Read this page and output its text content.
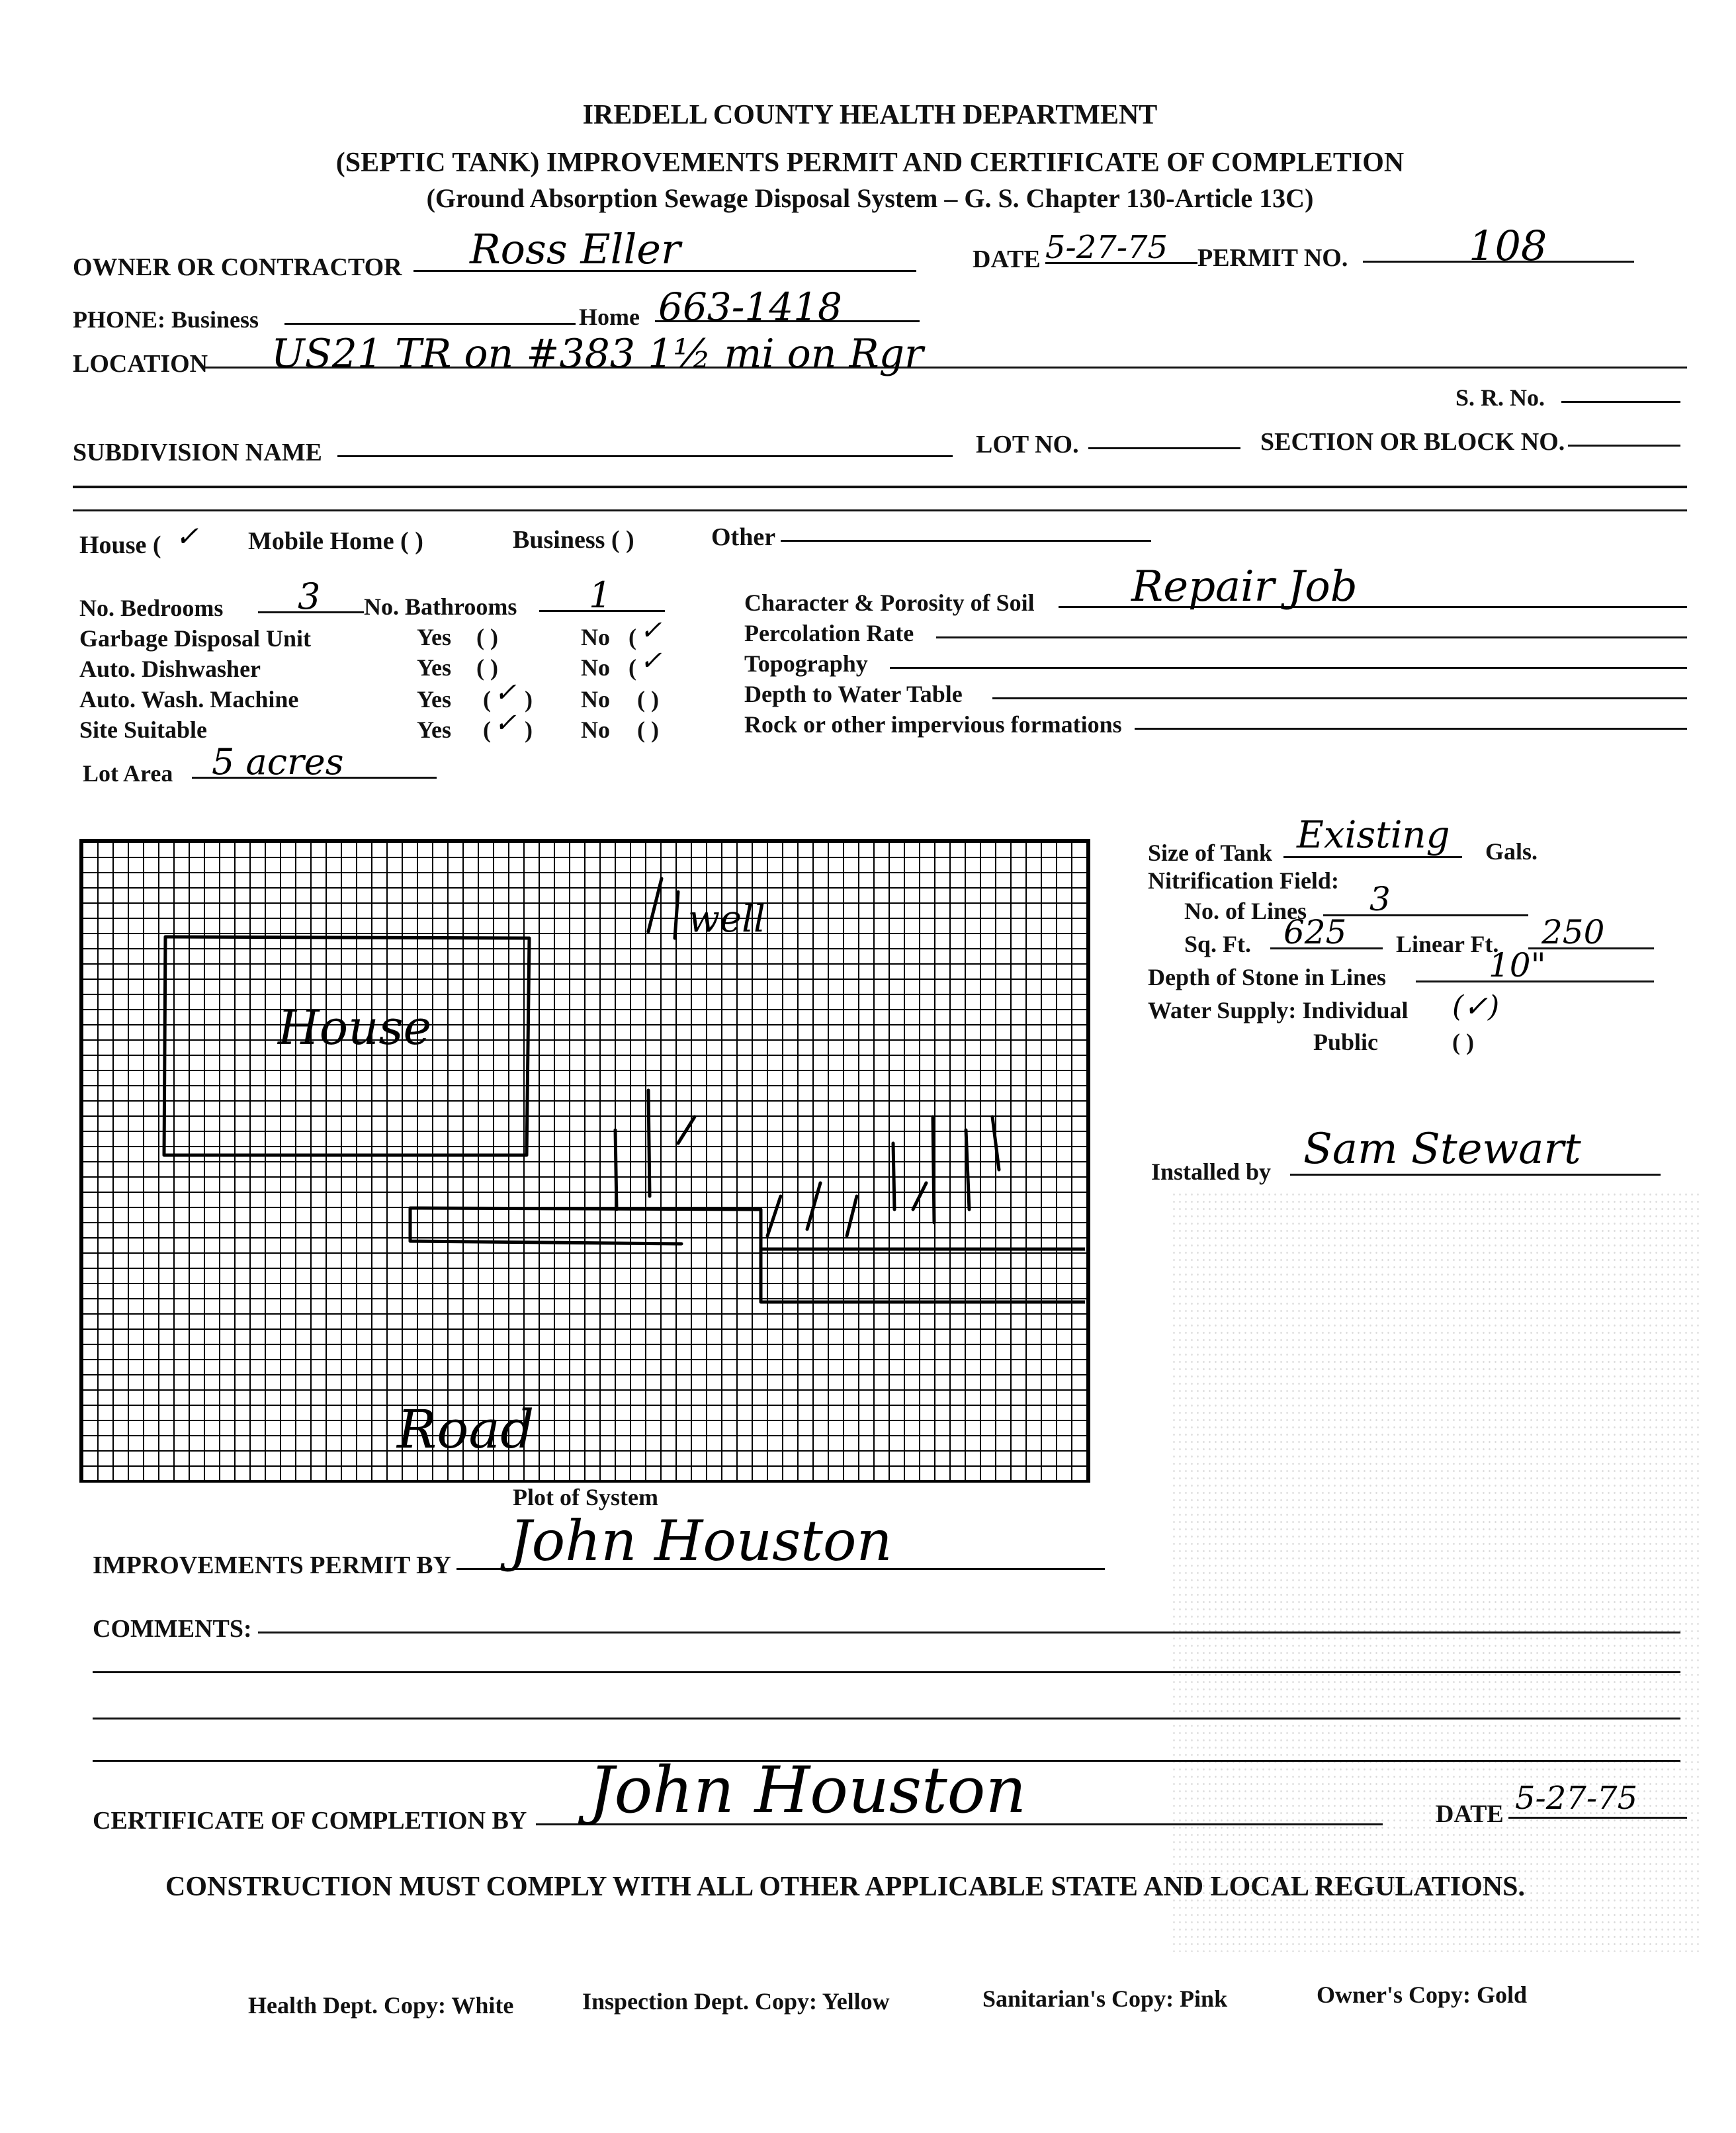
IREDELL COUNTY HEALTH DEPARTMENT
(SEPTIC TANK) IMPROVEMENTS PERMIT AND CERTIFICATE OF COMPLETION
(Ground Absorption Sewage Disposal System – G. S. Chapter 130-Article 13C)
OWNER OR CONTRACTOR Ross Eller	DATE 5-27-75 PERMIT NO.	108
PHONE: Business	Home 663-1418
LOCATION US21 TR on #383 1½ mi on Rgr
S. R. No.
SUBDIVISION NAME	LOT NO.	SECTION OR BLOCK NO.
House ( ✓ Mobile Home ( )	Business ( )	Other
No. Bedrooms 3 No. Bathrooms 1
Garbage Disposal Unit	Yes ( )	No ( ✓
Auto. Dishwasher	Yes ( )	No ( ✓
Auto. Wash. Machine	Yes ( ✓ ) No ( )
Site Suitable	Yes ( ✓ ) No ( )
Lot Area 5 acres
Character & Porosity of Soil Repair Job
Percolation Rate
Topography
Depth to Water Table
Rock or other impervious formations
well
House
Road
Plot of System
Size of Tank Existing Gals.
Nitrification Field:
No. of Lines 3
Sq. Ft. 625 Linear Ft. 250
Depth of Stone in Lines	10"
Water Supply: Individual (✓)
Public	( )
Installed by Sam Stewart
IMPROVEMENTS PERMIT BY John Houston
COMMENTS:
CERTIFICATE OF COMPLETION BY John Houston	DATE 5-27-75
CONSTRUCTION MUST COMPLY WITH ALL OTHER APPLICABLE STATE AND LOCAL REGULATIONS.
Health Dept. Copy: White	Inspection Dept. Copy: Yellow	Sanitarian's Copy: Pink	Owner's Copy: Gold
